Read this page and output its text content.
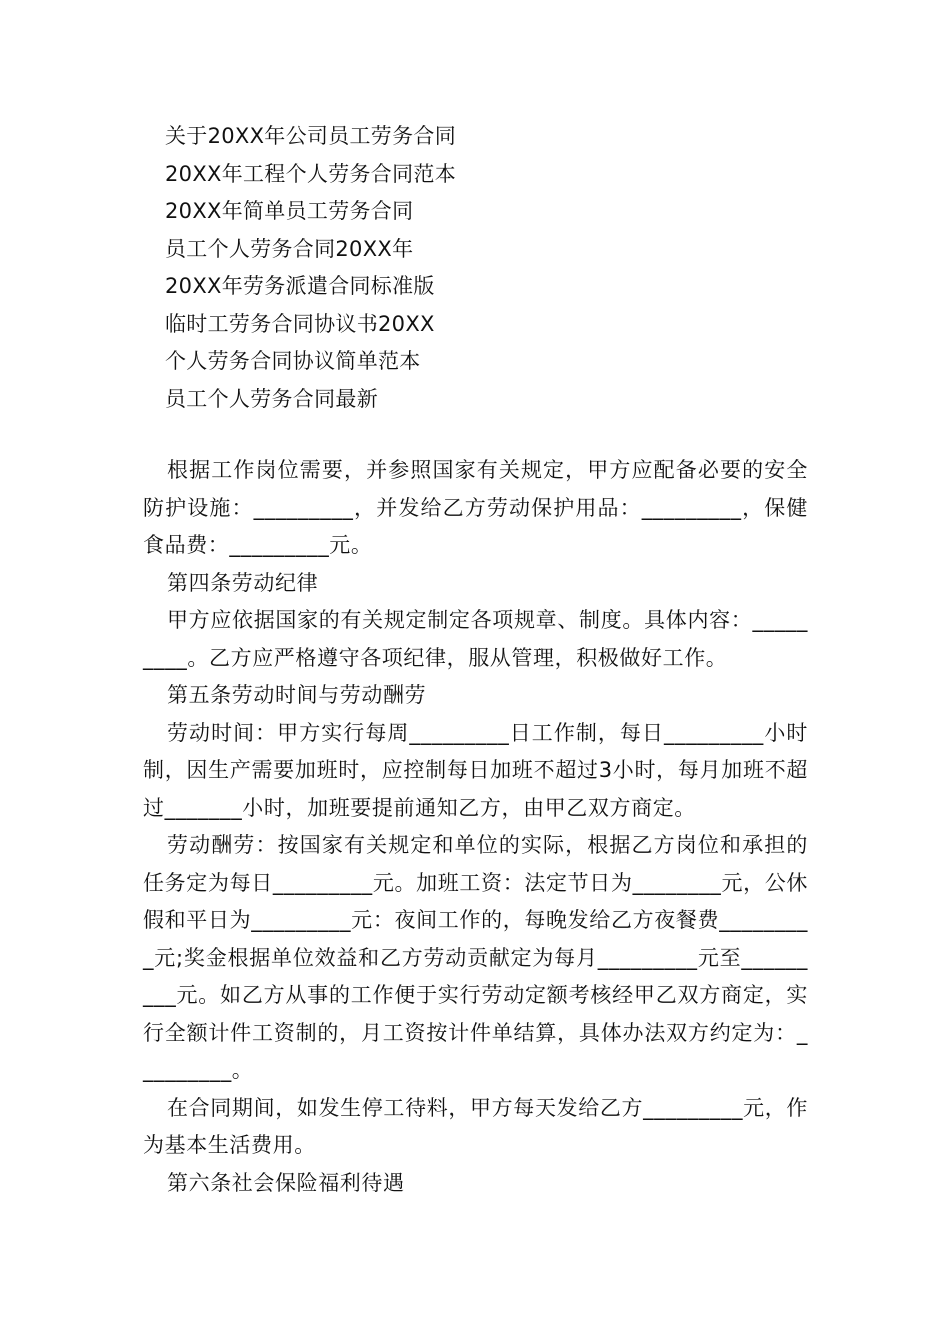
关于20XX年公司员工劳务合同
20XX年工程个人劳务合同范本
20XX年简单员工劳务合同
员工个人劳务合同20XX年
20XX年劳务派遣合同标准版
临时工劳务合同协议书20XX
个人劳务合同协议简单范本
员工个人劳务合同最新

根据工作岗位需要，并参照国家有关规定，甲方应配备必要的安全防护设施：_________，并发给乙方劳动保护用品：_________，保健食品费：_________元。

第四条劳动纪律

甲方应依据国家的有关规定制定各项规章、制度。具体内容：_________。乙方应严格遵守各项纪律，服从管理，积极做好工作。

第五条劳动时间与劳动酬劳

劳动时间：甲方实行每周_________日工作制，每日_________小时制，因生产需要加班时，应控制每日加班不超过3小时，每月加班不超过_______小时，加班要提前通知乙方，由甲乙双方商定。

劳动酬劳：按国家有关规定和单位的实际，根据乙方岗位和承担的任务定为每日_________元。加班工资：法定节日为________元，公休假和平日为_________元：夜间工作的，每晚发给乙方夜餐费_________元;奖金根据单位效益和乙方劳动贡献定为每月_________元至_________元。如乙方从事的工作便于实行劳动定额考核经甲乙双方商定，实行全额计件工资制的，月工资按计件单结算，具体办法双方约定为：_________。

在合同期间，如发生停工待料，甲方每天发给乙方_________元，作为基本生活费用。

第六条社会保险福利待遇
